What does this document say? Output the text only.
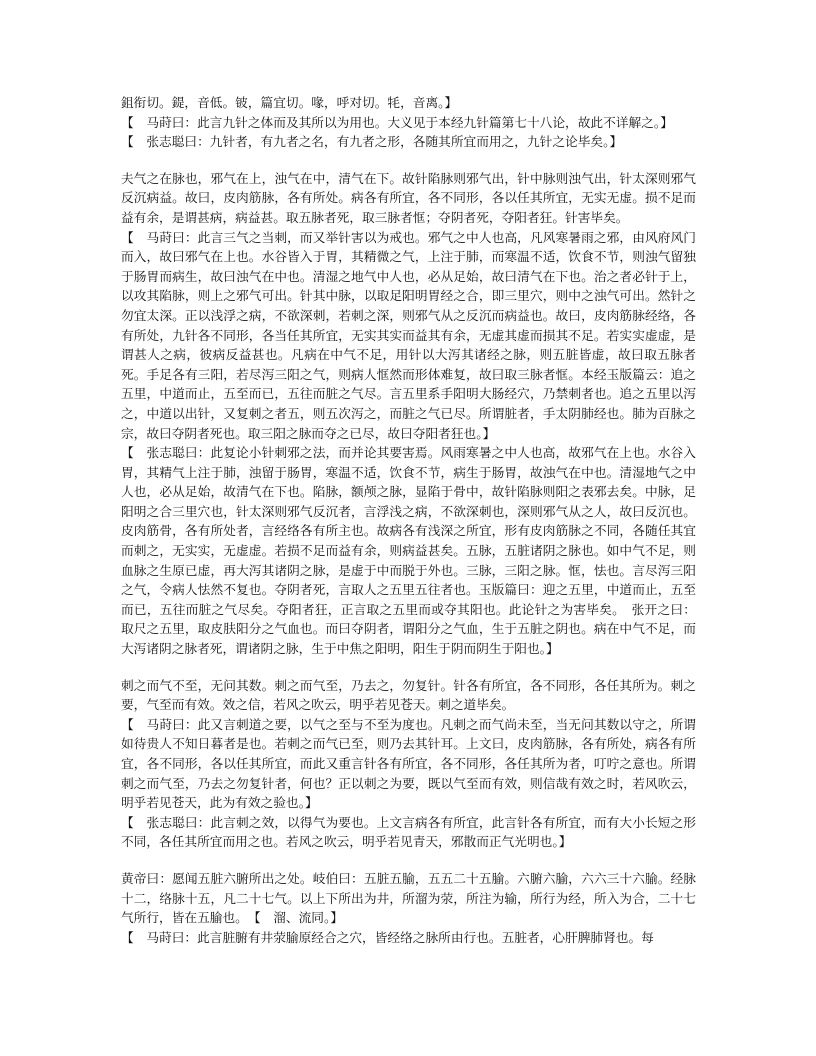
鉏衔切。鍉，音低。铍，篇宜切。喙，呼对切。牦，音离。】

【　马莳曰：此言九针之体而及其所以为用也。大义见于本经九针篇第七十八论，故此不详解之。】

【　张志聪曰：九针者，有九者之名，有九者之形，各随其所宜而用之，九针之论毕矣。】

夫气之在脉也，邪气在上，浊气在中，清气在下。故针陷脉则邪气出，针中脉则浊气出，针太深则邪气反沉病益。故曰，皮肉筋脉，各有所处。病各有所宜，各不同形，各以任其所宜，无实无虚。损不足而益有余，是谓甚病，病益甚。取五脉者死，取三脉者恇；夺阴者死，夺阳者狂。针害毕矣。

【　马莳曰：此言三气之当刺，而又举针害以为戒也。邪气之中人也高，凡风寒暑雨之邪，由风府风门而入，故曰邪气在上也。水谷皆入于胃，其精微之气，上注于肺，而寒温不适，饮食不节，则浊气留独于肠胃而病生，故曰浊气在中也。清湿之地气中人也，必从足始，故曰清气在下也。治之者必针于上，以攻其陷脉，则上之邪气可出。针其中脉，以取足阳明胃经之合，即三里穴，则中之浊气可出。然针之勿宜太深。正以浅浮之病，不欲深刺，若刺之深，则邪气从之反沉而病益也。故曰，皮肉筋脉经络，各有所处，九针各不同形，各当任其所宜，无实其实而益其有余，无虚其虚而损其不足。若实实虚虚，是谓甚人之病，彼病反益甚也。凡病在中气不足，用针以大泻其诸经之脉，则五脏皆虚，故曰取五脉者死。手足各有三阳，若尽泻三阳之气，则病人恇然而形体难复，故曰取三脉者恇。本经玉版篇云：追之五里，中道而止，五至而已，五往而脏之气尽。言五里系手阳明大肠经穴，乃禁刺者也。追之五里以泻之，中道以出针，又复刺之者五，则五次泻之，而脏之气已尽。所谓脏者，手太阴肺经也。肺为百脉之宗，故曰夺阴者死也。取三阳之脉而夺之已尽，故曰夺阳者狂也。】

【　张志聪曰：此复论小针刺邪之法，而并论其要害焉。风雨寒暑之中人也高，故邪气在上也。水谷入胃，其精气上注于肺，浊留于肠胃，寒温不适，饮食不节，病生于肠胃，故浊气在中也。清湿地气之中人也，必从足始，故清气在下也。陷脉，额颅之脉，显陷于骨中，故针陷脉则阳之表邪去矣。中脉，足阳明之合三里穴也，针太深则邪气反沉者，言浮浅之病，不欲深刺也，深则邪气从之人，故曰反沉也。皮肉筋骨，各有所处者，言经络各有所主也。故病各有浅深之所宜，形有皮肉筋脉之不同，各随任其宜而刺之，无实实，无虚虚。若损不足而益有余，则病益甚矣。五脉，五脏诸阴之脉也。如中气不足，则血脉之生原已虚，再大泻其诸阴之脉，是虚于中而脱于外也。三脉，三阳之脉。恇，怯也。言尽泻三阳之气，令病人怯然不复也。夺阴者死，言取人之五里五往者也。玉版篇曰：迎之五里，中道而止，五至而已，五往而脏之气尽矣。夺阳者狂，正言取之五里而或夺其阳也。此论针之为害毕矣。　张开之曰：取尺之五里，取皮肤阳分之气血也。而曰夺阴者，谓阳分之气血，生于五脏之阴也。病在中气不足，而大泻诸阴之脉者死，谓诸阴之脉，生于中焦之阳明，阳生于阴而阴生于阳也。】

刺之而气不至，无问其数。刺之而气至，乃去之，勿复针。针各有所宜，各不同形，各任其所为。刺之要，气至而有效。效之信，若风之吹云，明乎若见苍天。刺之道毕矣。

【　马莳曰：此又言刺道之要，以气之至与不至为度也。凡刺之而气尚未至，当无问其数以守之，所谓如待贵人不知日暮者是也。若刺之而气已至，则乃去其针耳。上文曰，皮肉筋脉，各有所处，病各有所宜，各不同形，各以任其所宜，而此又重言针各有所宜，各不同形，各任其所为者，叮咛之意也。所谓刺之而气至，乃去之勿复针者，何也？正以刺之为要，既以气至而有效，则信哉有效之时，若风吹云，明乎若见苍天，此为有效之验也。】

【　张志聪曰：此言刺之效，以得气为要也。上文言病各有所宜，此言针各有所宜，而有大小长短之形不同，各任其所宜而用之也。若风之吹云，明乎若见青天，邪散而正气光明也。】

黄帝曰：愿闻五脏六腑所出之处。岐伯曰：五脏五腧，五五二十五腧。六腑六腧，六六三十六腧。经脉十二，络脉十五，凡二十七气。以上下所出为井，所溜为荥，所注为输，所行为经，所入为合，二十七气所行，皆在五腧也。　【　溜、流同。】

【　马莳曰：此言脏腑有井荥腧原经合之穴，皆经络之脉所由行也。五脏者，心肝脾肺肾也。每
